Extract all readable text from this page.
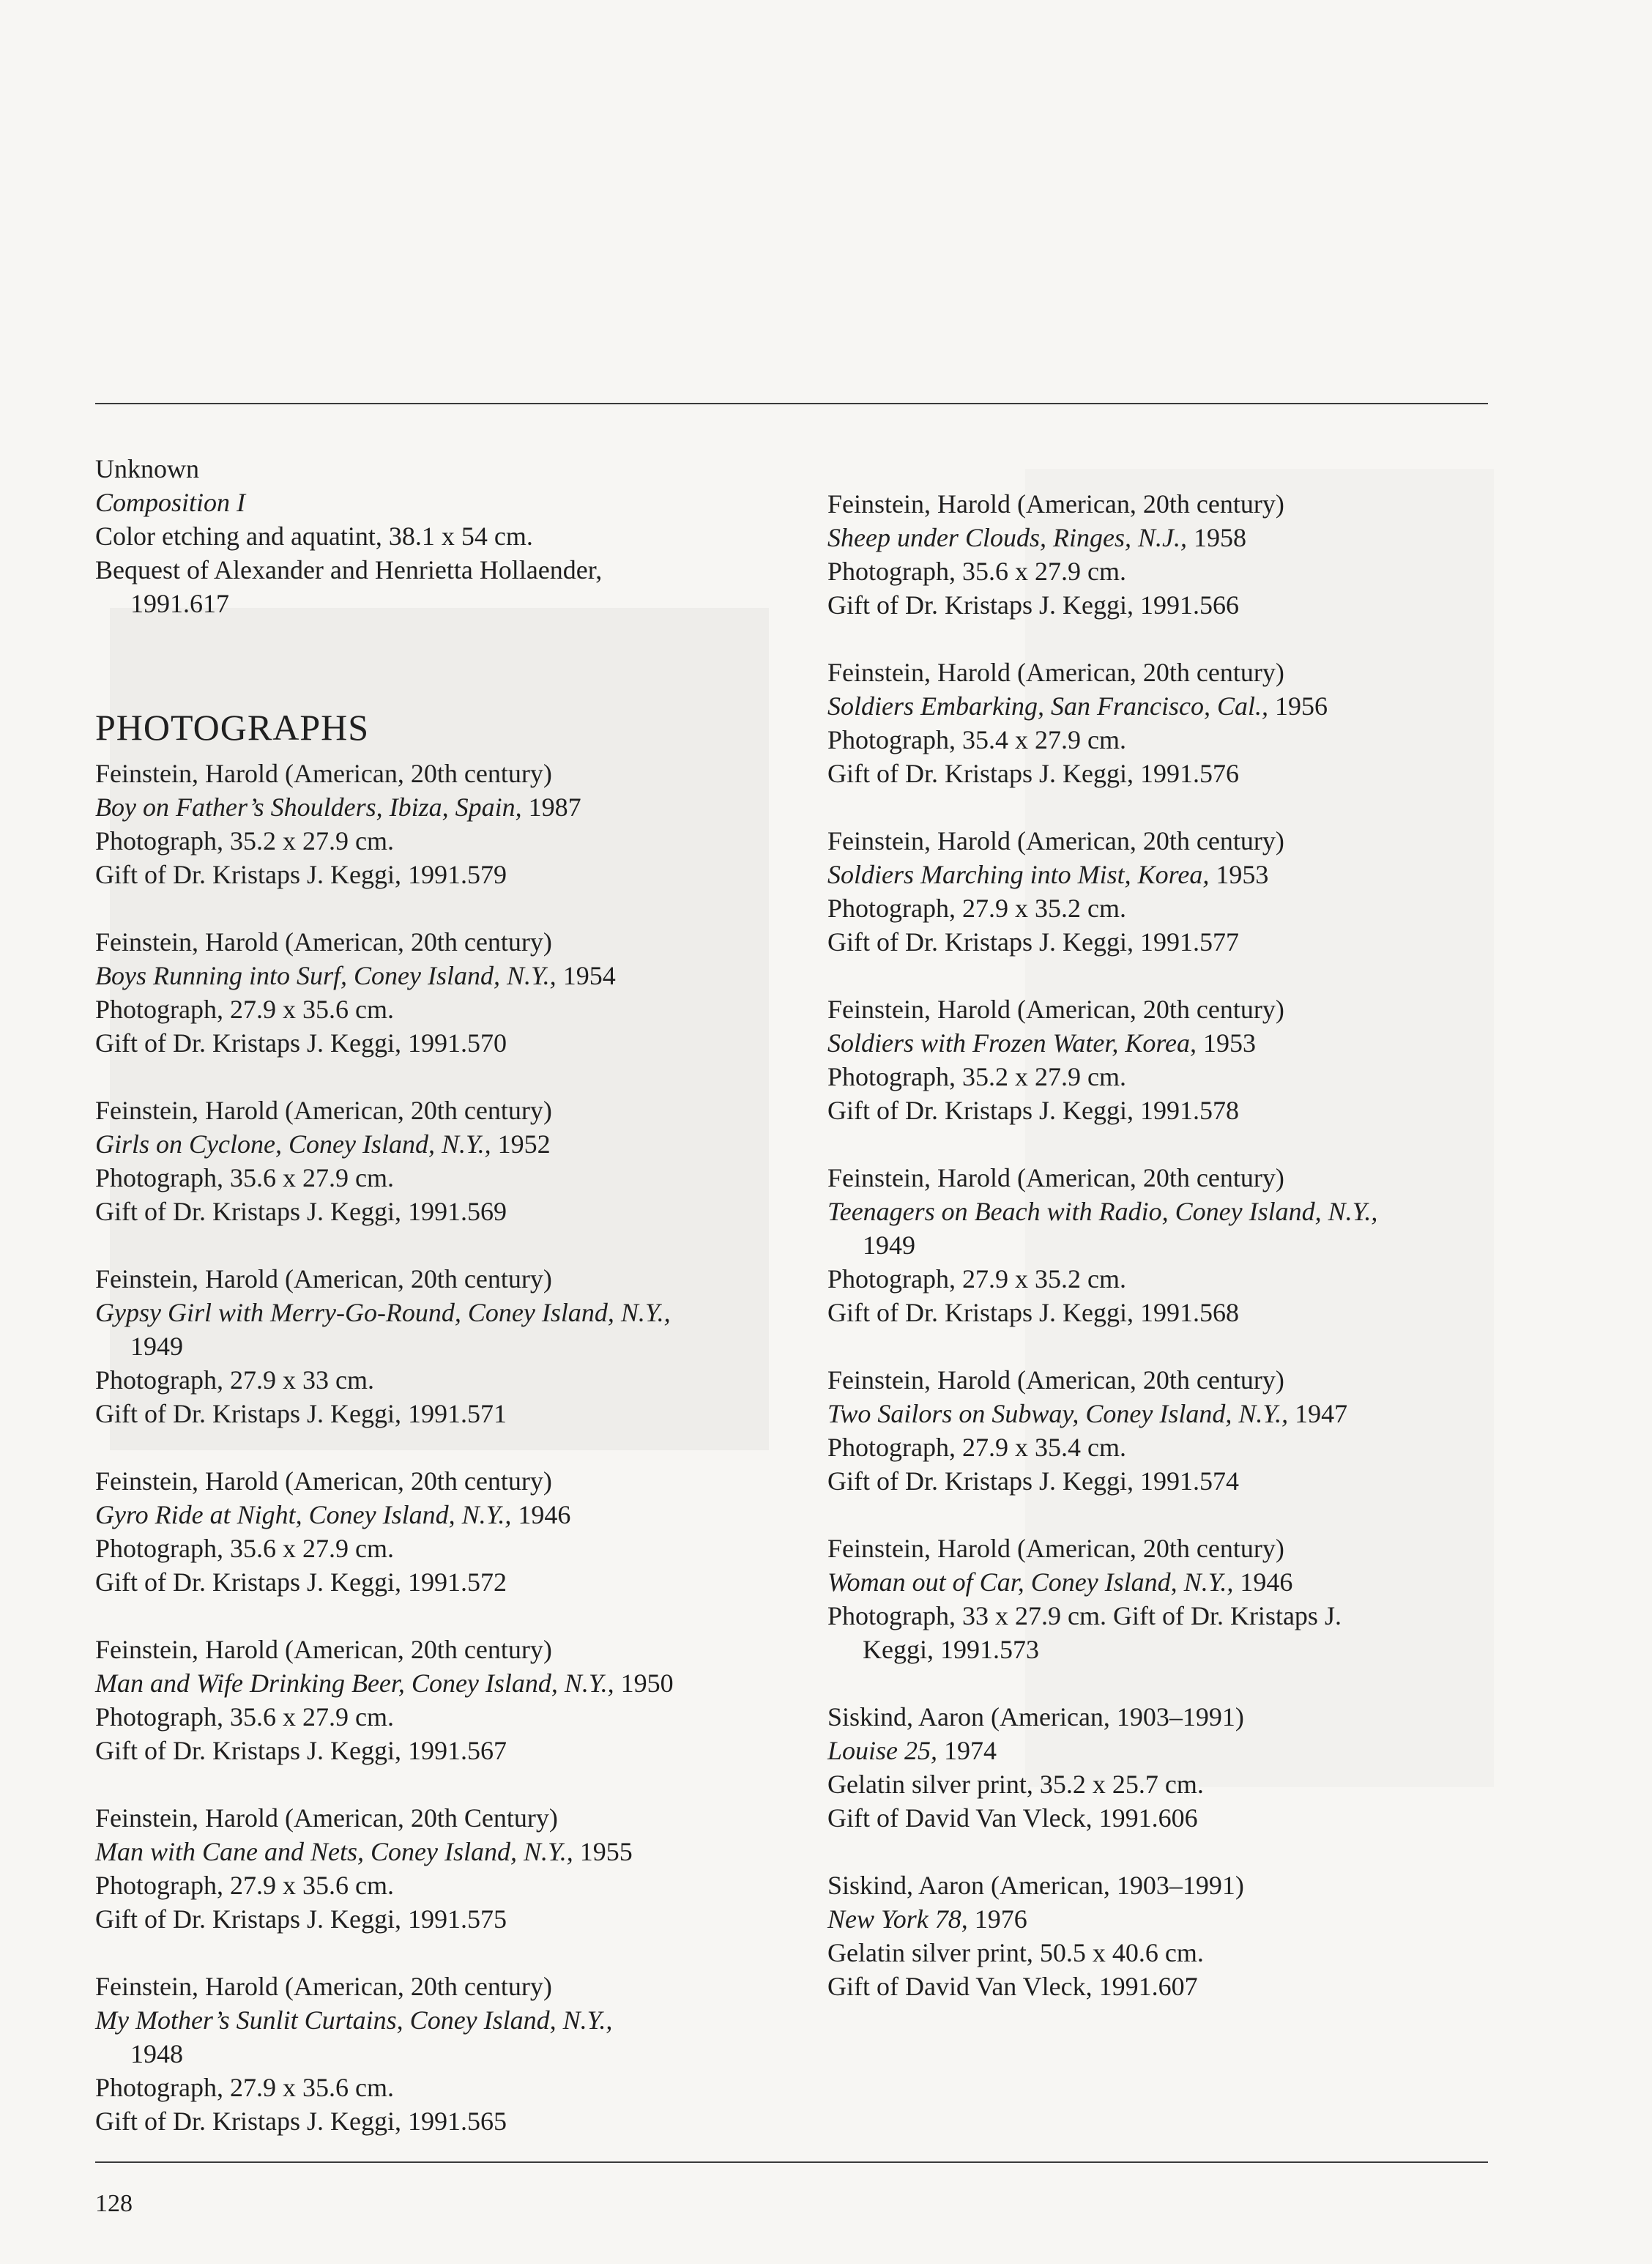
Unknown
Composition I
Color etching and aquatint, 38.1 x 54 cm.
Bequest of Alexander and Henrietta Hollaender,
1991.617
PHOTOGRAPHS
Feinstein, Harold (American, 20th century)
Boy on Father’s Shoulders, Ibiza, Spain, 1987
Photograph, 35.2 x 27.9 cm.
Gift of Dr. Kristaps J. Keggi, 1991.579
Feinstein, Harold (American, 20th century)
Boys Running into Surf, Coney Island, N.Y., 1954
Photograph, 27.9 x 35.6 cm.
Gift of Dr. Kristaps J. Keggi, 1991.570
Feinstein, Harold (American, 20th century)
Girls on Cyclone, Coney Island, N.Y., 1952
Photograph, 35.6 x 27.9 cm.
Gift of Dr. Kristaps J. Keggi, 1991.569
Feinstein, Harold (American, 20th century)
Gypsy Girl with Merry-Go-Round, Coney Island, N.Y.,
1949
Photograph, 27.9 x 33 cm.
Gift of Dr. Kristaps J. Keggi, 1991.571
Feinstein, Harold (American, 20th century)
Gyro Ride at Night, Coney Island, N.Y., 1946
Photograph, 35.6 x 27.9 cm.
Gift of Dr. Kristaps J. Keggi, 1991.572
Feinstein, Harold (American, 20th century)
Man and Wife Drinking Beer, Coney Island, N.Y., 1950
Photograph, 35.6 x 27.9 cm.
Gift of Dr. Kristaps J. Keggi, 1991.567
Feinstein, Harold (American, 20th Century)
Man with Cane and Nets, Coney Island, N.Y., 1955
Photograph, 27.9 x 35.6 cm.
Gift of Dr. Kristaps J. Keggi, 1991.575
Feinstein, Harold (American, 20th century)
My Mother’s Sunlit Curtains, Coney Island, N.Y.,
1948
Photograph, 27.9 x 35.6 cm.
Gift of Dr. Kristaps J. Keggi, 1991.565
Feinstein, Harold (American, 20th century)
Sheep under Clouds, Ringes, N.J., 1958
Photograph, 35.6 x 27.9 cm.
Gift of Dr. Kristaps J. Keggi, 1991.566
Feinstein, Harold (American, 20th century)
Soldiers Embarking, San Francisco, Cal., 1956
Photograph, 35.4 x 27.9 cm.
Gift of Dr. Kristaps J. Keggi, 1991.576
Feinstein, Harold (American, 20th century)
Soldiers Marching into Mist, Korea, 1953
Photograph, 27.9 x 35.2 cm.
Gift of Dr. Kristaps J. Keggi, 1991.577
Feinstein, Harold (American, 20th century)
Soldiers with Frozen Water, Korea, 1953
Photograph, 35.2 x 27.9 cm.
Gift of Dr. Kristaps J. Keggi, 1991.578
Feinstein, Harold (American, 20th century)
Teenagers on Beach with Radio, Coney Island, N.Y.,
1949
Photograph, 27.9 x 35.2 cm.
Gift of Dr. Kristaps J. Keggi, 1991.568
Feinstein, Harold (American, 20th century)
Two Sailors on Subway, Coney Island, N.Y., 1947
Photograph, 27.9 x 35.4 cm.
Gift of Dr. Kristaps J. Keggi, 1991.574
Feinstein, Harold (American, 20th century)
Woman out of Car, Coney Island, N.Y., 1946
Photograph, 33 x 27.9 cm. Gift of Dr. Kristaps J.
Keggi, 1991.573
Siskind, Aaron (American, 1903–1991)
Louise 25, 1974
Gelatin silver print, 35.2 x 25.7 cm.
Gift of David Van Vleck, 1991.606
Siskind, Aaron (American, 1903–1991)
New York 78, 1976
Gelatin silver print, 50.5 x 40.6 cm.
Gift of David Van Vleck, 1991.607
128
